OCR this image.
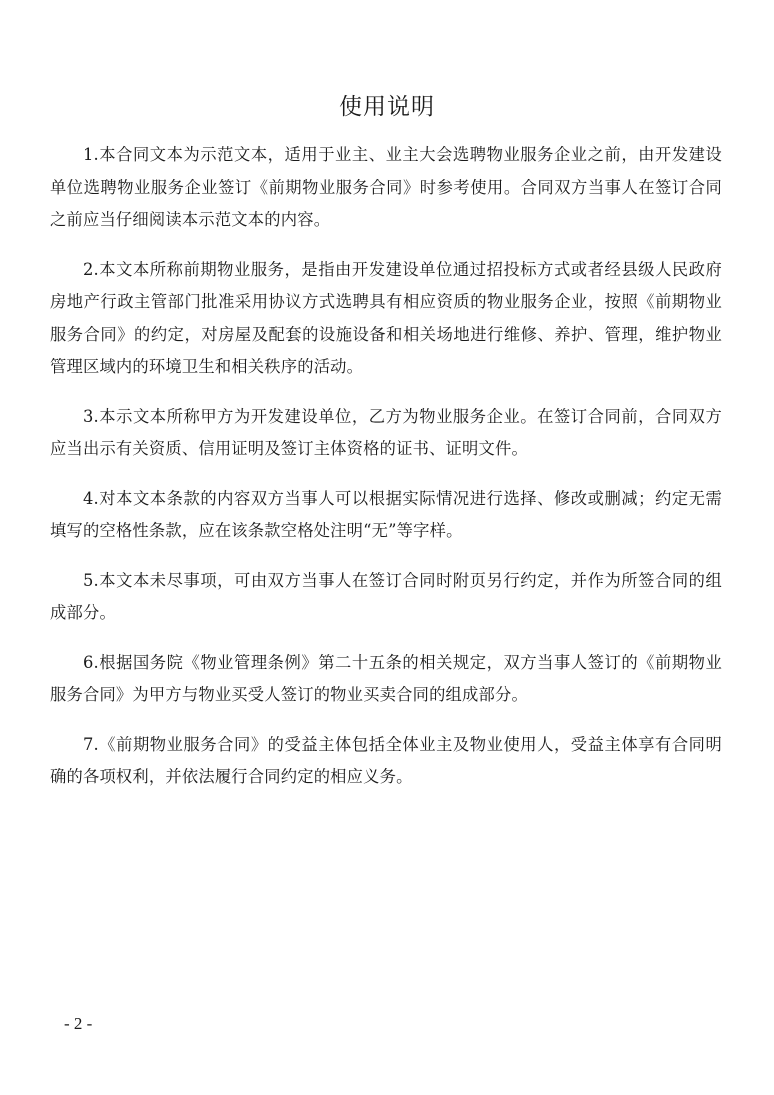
使用说明

1.本合同文本为示范文本，适用于业主、业主大会选聘物业服务企业之前，由开发建设单位选聘物业服务企业签订《前期物业服务合同》时参考使用。合同双方当事人在签订合同之前应当仔细阅读本示范文本的内容。

2.本文本所称前期物业服务，是指由开发建设单位通过招投标方式或者经县级人民政府房地产行政主管部门批准采用协议方式选聘具有相应资质的物业服务企业，按照《前期物业服务合同》的约定，对房屋及配套的设施设备和相关场地进行维修、养护、管理，维护物业管理区域内的环境卫生和相关秩序的活动。

3.本示文本所称甲方为开发建设单位，乙方为物业服务企业。在签订合同前，合同双方应当出示有关资质、信用证明及签订主体资格的证书、证明文件。

4.对本文本条款的内容双方当事人可以根据实际情况进行选择、修改或删减；约定无需填写的空格性条款，应在该条款空格处注明“无”等字样。

5.本文本未尽事项，可由双方当事人在签订合同时附页另行约定，并作为所签合同的组成部分。

6.根据国务院《物业管理条例》第二十五条的相关规定，双方当事人签订的《前期物业服务合同》为甲方与物业买受人签订的物业买卖合同的组成部分。

7.《前期物业服务合同》的受益主体包括全体业主及物业使用人，受益主体享有合同明确的各项权利，并依法履行合同约定的相应义务。

- 2 -
